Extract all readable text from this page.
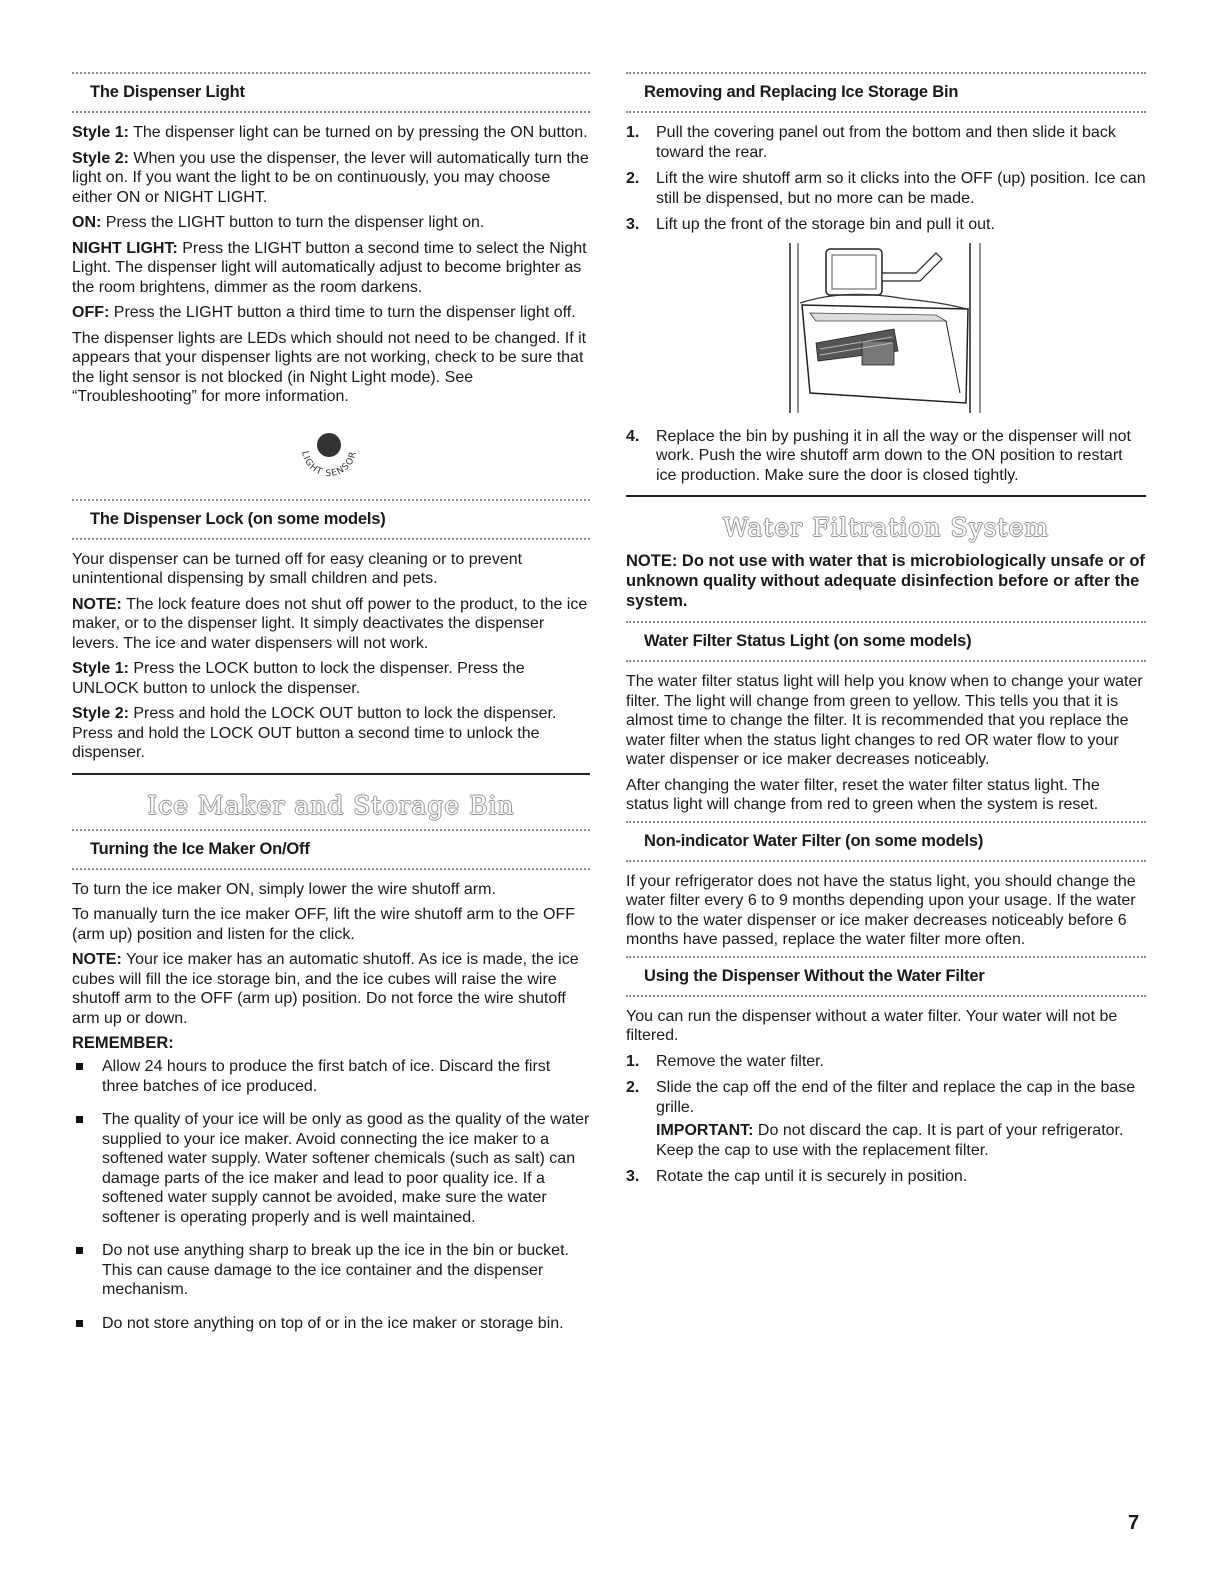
The Dispenser Light

Style 1: The dispenser light can be turned on by pressing the ON button.

Style 2: When you use the dispenser, the lever will automatically turn the light on. If you want the light to be on continuously, you may choose either ON or NIGHT LIGHT.

ON: Press the LIGHT button to turn the dispenser light on.

NIGHT LIGHT: Press the LIGHT button a second time to select the Night Light. The dispenser light will automatically adjust to become brighter as the room brightens, dimmer as the room darkens.

OFF: Press the LIGHT button a third time to turn the dispenser light off.

The dispenser lights are LEDs which should not need to be changed. If it appears that your dispenser lights are not working, check to be sure that the light sensor is not blocked (in Night Light mode). See “Troubleshooting” for more information.

LIGHT SENSOR
The Dispenser Lock (on some models)

Your dispenser can be turned off for easy cleaning or to prevent unintentional dispensing by small children and pets.

NOTE: The lock feature does not shut off power to the product, to the ice maker, or to the dispenser light. It simply deactivates the dispenser levers. The ice and water dispensers will not work.

Style 1: Press the LOCK button to lock the dispenser. Press the UNLOCK button to unlock the dispenser.

Style 2: Press and hold the LOCK OUT button to lock the dispenser. Press and hold the LOCK OUT button a second time to unlock the dispenser.

Ice Maker and Storage Bin
Turning the Ice Maker On/Off

To turn the ice maker ON, simply lower the wire shutoff arm.

To manually turn the ice maker OFF, lift the wire shutoff arm to the OFF (arm up) position and listen for the click.

NOTE: Your ice maker has an automatic shutoff. As ice is made, the ice cubes will fill the ice storage bin, and the ice cubes will raise the wire shutoff arm to the OFF (arm up) position. Do not force the wire shutoff arm up or down.

REMEMBER:
Allow 24 hours to produce the first batch of ice. Discard the first three batches of ice produced.
The quality of your ice will be only as good as the quality of the water supplied to your ice maker. Avoid connecting the ice maker to a softened water supply. Water softener chemicals (such as salt) can damage parts of the ice maker and lead to poor quality ice. If a softened water supply cannot be avoided, make sure the water softener is operating properly and is well maintained.
Do not use anything sharp to break up the ice in the bin or bucket. This can cause damage to the ice container and the dispenser mechanism.
Do not store anything on top of or in the ice maker or storage bin.
Removing and Replacing Ice Storage Bin
1. Pull the covering panel out from the bottom and then slide it back toward the rear.
2. Lift the wire shutoff arm so it clicks into the OFF (up) position. Ice can still be dispensed, but no more can be made.
3. Lift up the front of the storage bin and pull it out.
4. Replace the bin by pushing it in all the way or the dispenser will not work. Push the wire shutoff arm down to the ON position to restart ice production. Make sure the door is closed tightly.
Water Filtration System

NOTE: Do not use with water that is microbiologically unsafe or of unknown quality without adequate disinfection before or after the system.

Water Filter Status Light (on some models)

The water filter status light will help you know when to change your water filter. The light will change from green to yellow. This tells you that it is almost time to change the filter. It is recommended that you replace the water filter when the status light changes to red OR water flow to your water dispenser or ice maker decreases noticeably.

After changing the water filter, reset the water filter status light. The status light will change from red to green when the system is reset.

Non-indicator Water Filter (on some models)

If your refrigerator does not have the status light, you should change the water filter every 6 to 9 months depending upon your usage. If the water flow to the water dispenser or ice maker decreases noticeably before 6 months have passed, replace the water filter more often.

Using the Dispenser Without the Water Filter

You can run the dispenser without a water filter. Your water will not be filtered.

1. Remove the water filter.
2. Slide the cap off the end of the filter and replace the cap in the base grille.
IMPORTANT: Do not discard the cap. It is part of your refrigerator. Keep the cap to use with the replacement filter.
3. Rotate the cap until it is securely in position.
7
